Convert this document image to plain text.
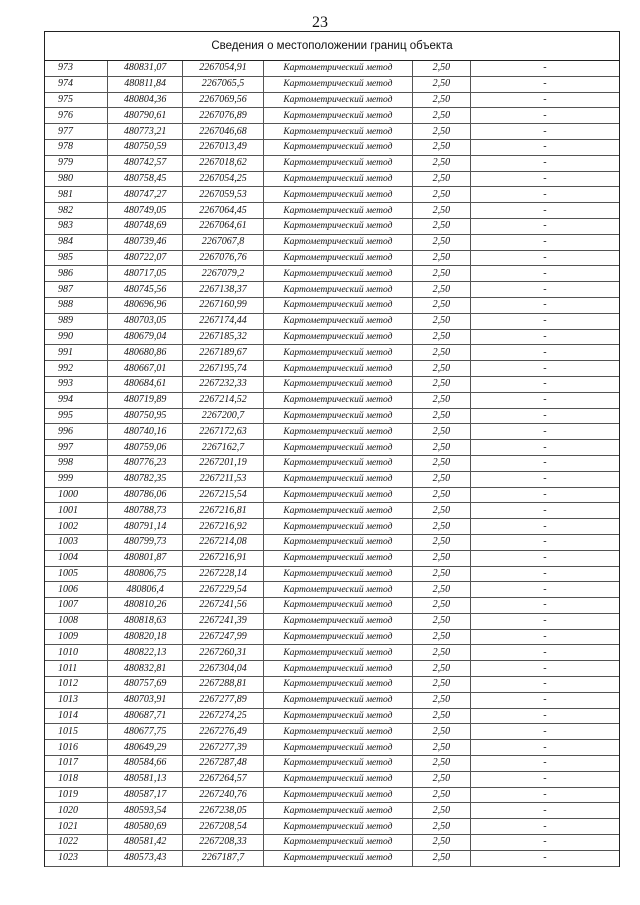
23
Сведения о местоположении границ объекта
973	480831,07	2267054,91	Картометрический метод	2,50	-
974	480811,84	2267065,5	Картометрический метод	2,50	-
975	480804,36	2267069,56	Картометрический метод	2,50	-
976	480790,61	2267076,89	Картометрический метод	2,50	-
977	480773,21	2267046,68	Картометрический метод	2,50	-
978	480750,59	2267013,49	Картометрический метод	2,50	-
979	480742,57	2267018,62	Картометрический метод	2,50	-
980	480758,45	2267054,25	Картометрический метод	2,50	-
981	480747,27	2267059,53	Картометрический метод	2,50	-
982	480749,05	2267064,45	Картометрический метод	2,50	-
983	480748,69	2267064,61	Картометрический метод	2,50	-
984	480739,46	2267067,8	Картометрический метод	2,50	-
985	480722,07	2267076,76	Картометрический метод	2,50	-
986	480717,05	2267079,2	Картометрический метод	2,50	-
987	480745,56	2267138,37	Картометрический метод	2,50	-
988	480696,96	2267160,99	Картометрический метод	2,50	-
989	480703,05	2267174,44	Картометрический метод	2,50	-
990	480679,04	2267185,32	Картометрический метод	2,50	-
991	480680,86	2267189,67	Картометрический метод	2,50	-
992	480667,01	2267195,74	Картометрический метод	2,50	-
993	480684,61	2267232,33	Картометрический метод	2,50	-
994	480719,89	2267214,52	Картометрический метод	2,50	-
995	480750,95	2267200,7	Картометрический метод	2,50	-
996	480740,16	2267172,63	Картометрический метод	2,50	-
997	480759,06	2267162,7	Картометрический метод	2,50	-
998	480776,23	2267201,19	Картометрический метод	2,50	-
999	480782,35	2267211,53	Картометрический метод	2,50	-
1000	480786,06	2267215,54	Картометрический метод	2,50	-
1001	480788,73	2267216,81	Картометрический метод	2,50	-
1002	480791,14	2267216,92	Картометрический метод	2,50	-
1003	480799,73	2267214,08	Картометрический метод	2,50	-
1004	480801,87	2267216,91	Картометрический метод	2,50	-
1005	480806,75	2267228,14	Картометрический метод	2,50	-
1006	480806,4	2267229,54	Картометрический метод	2,50	-
1007	480810,26	2267241,56	Картометрический метод	2,50	-
1008	480818,63	2267241,39	Картометрический метод	2,50	-
1009	480820,18	2267247,99	Картометрический метод	2,50	-
1010	480822,13	2267260,31	Картометрический метод	2,50	-
1011	480832,81	2267304,04	Картометрический метод	2,50	-
1012	480757,69	2267288,81	Картометрический метод	2,50	-
1013	480703,91	2267277,89	Картометрический метод	2,50	-
1014	480687,71	2267274,25	Картометрический метод	2,50	-
1015	480677,75	2267276,49	Картометрический метод	2,50	-
1016	480649,29	2267277,39	Картометрический метод	2,50	-
1017	480584,66	2267287,48	Картометрический метод	2,50	-
1018	480581,13	2267264,57	Картометрический метод	2,50	-
1019	480587,17	2267240,76	Картометрический метод	2,50	-
1020	480593,54	2267238,05	Картометрический метод	2,50	-
1021	480580,69	2267208,54	Картометрический метод	2,50	-
1022	480581,42	2267208,33	Картометрический метод	2,50	-
1023	480573,43	2267187,7	Картометрический метод	2,50	-
